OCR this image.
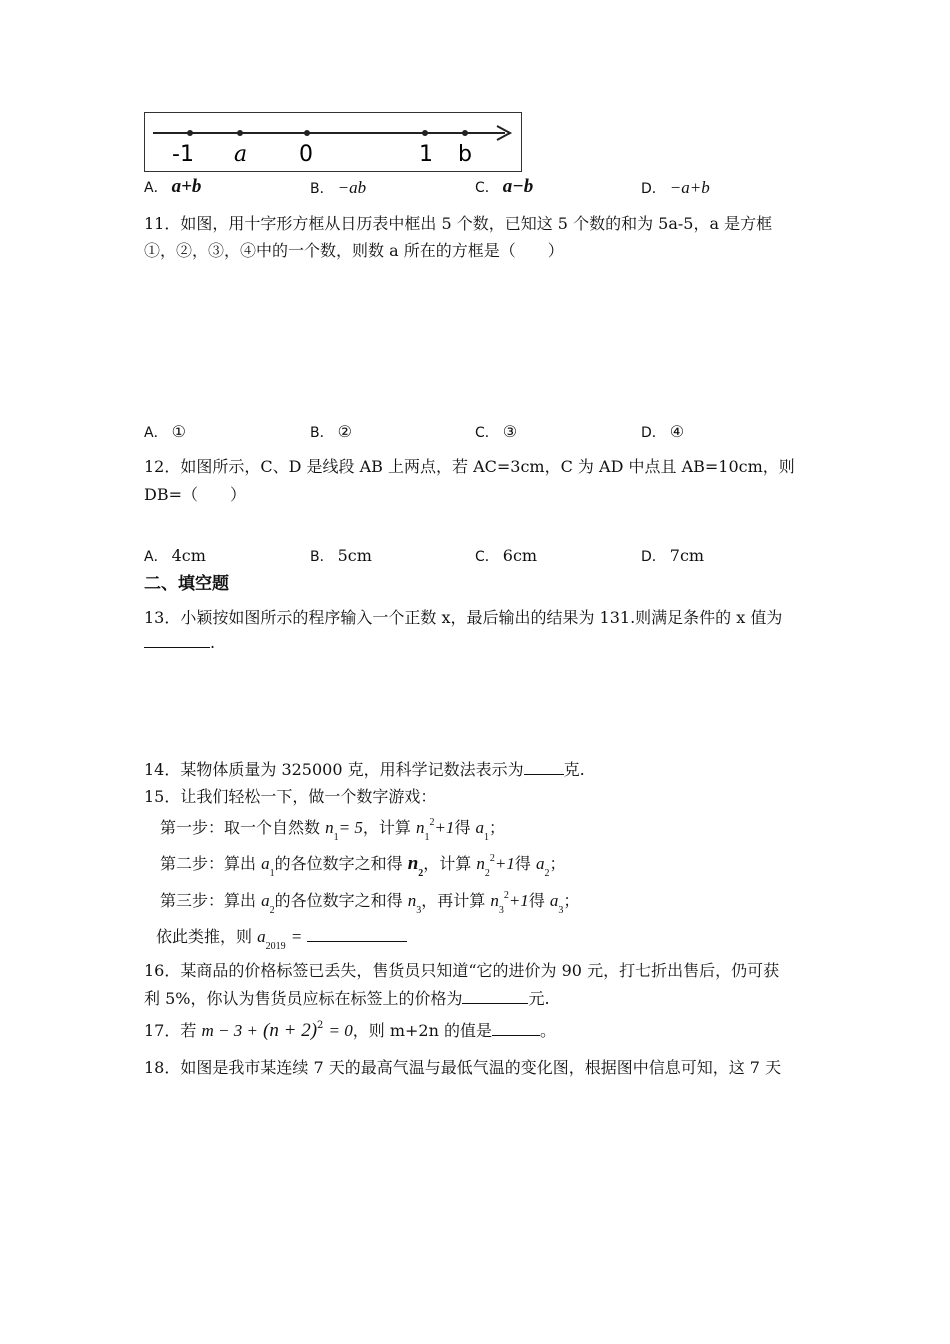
-1 a 0	1 b
A． a+b	B． −ab	C． a−b	D． −a+b
11．如图，用十字形方框从日历表中框出 5 个数，已知这 5 个数的和为 5a-5，a 是方框
①，②，③，④中的一个数，则数 a 所在的方框是（　　）
A． ①	B． ②	C． ③	D． ④
12．如图所示，C、D 是线段 AB 上两点，若 AC=3cm，C 为 AD 中点且 AB=10cm，则
DB=（　　）
A． 4cm	B． 5cm	C． 6cm	D． 7cm
二、填空题
13．小颖按如图所示的程序输入一个正数 x，最后输出的结果为 131.则满足条件的 x 值为
.
14．某物体质量为 325000 克，用科学记数法表示为	克.
15．让我们轻松一下，做一个数字游戏：
第一步：取一个自然数 $n_1= 5$，计算 $n_1^2+1$得 $a_1$；
第二步：算出 $a_1$的各位数字之和得 $n_2$，计算 $n_2^2+1$得 $a_2$；
第三步：算出 $a_2$的各位数字之和得 $n_3$，再计算 $n_3^2+1$得 $a_3$；
依此类推，则 $a_{2019}$ =
16．某商品的价格标签已丢失，售货员只知道“它的进价为 90 元，打七折出售后，仍可获
利 5%，你认为售货员应标在标签上的价格为	元.
17．若 $m - 3 + (n + 2)^2 = 0$，则 m+2n 的值是	。
18．如图是我市某连续 7 天的最高气温与最低气温的变化图，根据图中信息可知，这 7 天
